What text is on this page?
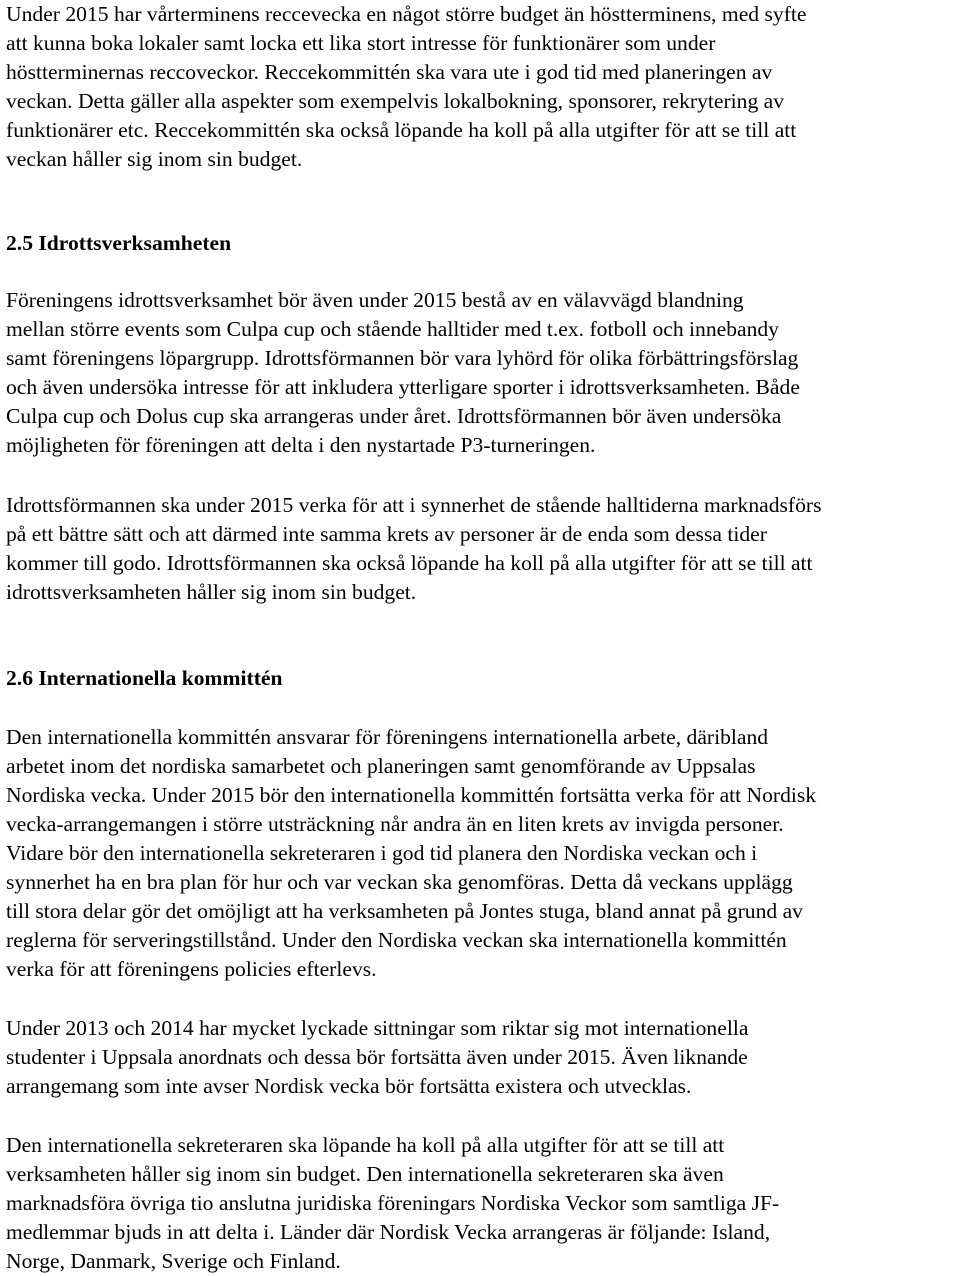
Under 2015 har vårterminens reccevecka en något större budget än höstterminens, med syfte
att kunna boka lokaler samt locka ett lika stort intresse för funktionärer som under
höstterminernas reccoveckor. Reccekommittén ska vara ute i god tid med planeringen av
veckan. Detta gäller alla aspekter som exempelvis lokalbokning, sponsorer, rekrytering av
funktionärer etc. Reccekommittén ska också löpande ha koll på alla utgifter för att se till att
veckan håller sig inom sin budget.

2.5 Idrottsverksamheten

Föreningens idrottsverksamhet bör även under 2015 bestå av en välavvägd blandning
mellan större events som Culpa cup och stående halltider med t.ex. fotboll och innebandy
samt föreningens löpargrupp. Idrottsförmannen bör vara lyhörd för olika förbättringsförslag
och även undersöka intresse för att inkludera ytterligare sporter i idrottsverksamheten. Både
Culpa cup och Dolus cup ska arrangeras under året. Idrottsförmannen bör även undersöka
möjligheten för föreningen att delta i den nystartade P3-turneringen.

Idrottsförmannen ska under 2015 verka för att i synnerhet de stående halltiderna marknadsförs
på ett bättre sätt och att därmed inte samma krets av personer är de enda som dessa tider
kommer till godo. Idrottsförmannen ska också löpande ha koll på alla utgifter för att se till att
idrottsverksamheten håller sig inom sin budget.

2.6 Internationella kommittén

Den internationella kommittén ansvarar för föreningens internationella arbete, däribland
arbetet inom det nordiska samarbetet och planeringen samt genomförande av Uppsalas
Nordiska vecka. Under 2015 bör den internationella kommittén fortsätta verka för att Nordisk
vecka-arrangemangen i större utsträckning når andra än en liten krets av invigda personer.
Vidare bör den internationella sekreteraren i god tid planera den Nordiska veckan och i
synnerhet ha en bra plan för hur och var veckan ska genomföras. Detta då veckans upplägg
till stora delar gör det omöjligt att ha verksamheten på Jontes stuga, bland annat på grund av
reglerna för serveringstillstånd. Under den Nordiska veckan ska internationella kommittén
verka för att föreningens policies efterlevs.

Under 2013 och 2014 har mycket lyckade sittningar som riktar sig mot internationella
studenter i Uppsala anordnats och dessa bör fortsätta även under 2015. Även liknande
arrangemang som inte avser Nordisk vecka bör fortsätta existera och utvecklas.

Den internationella sekreteraren ska löpande ha koll på alla utgifter för att se till att
verksamheten håller sig inom sin budget. Den internationella sekreteraren ska även
marknadsföra övriga tio anslutna juridiska föreningars Nordiska Veckor som samtliga JF-
medlemmar bjuds in att delta i. Länder där Nordisk Vecka arrangeras är följande: Island,
Norge, Danmark, Sverige och Finland.
